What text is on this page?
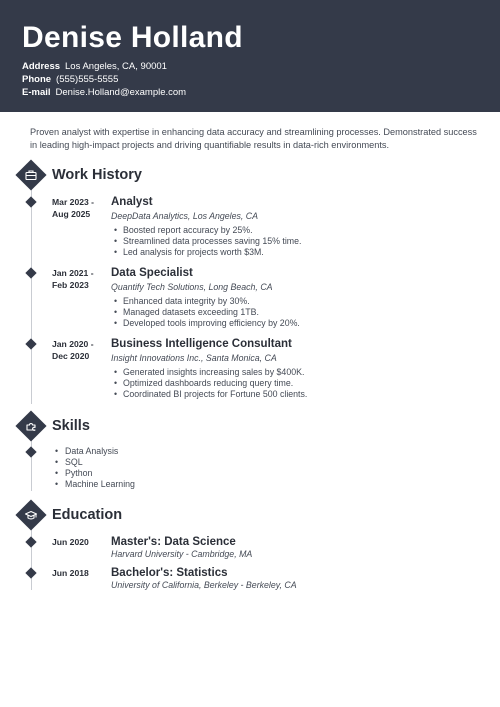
Denise Holland
Address Los Angeles, CA, 90001
Phone (555)555-5555
E-mail Denise.Holland@example.com

Proven analyst with expertise in enhancing data accuracy and streamlining processes. Demonstrated success in leading high-impact projects and driving quantifiable results in data-rich environments.

Work History
Mar 2023 -
Aug 2025
Analyst
DeepData Analytics, Los Angeles, CA
• Boosted report accuracy by 25%.
• Streamlined data processes saving 15% time.
• Led analysis for projects worth $3M.
Jan 2021 -
Feb 2023
Data Specialist
Quantify Tech Solutions, Long Beach, CA
• Enhanced data integrity by 30%.
• Managed datasets exceeding 1TB.
• Developed tools improving efficiency by 20%.
Jan 2020 -
Dec 2020
Business Intelligence Consultant
Insight Innovations Inc., Santa Monica, CA
• Generated insights increasing sales by $400K.
• Optimized dashboards reducing query time.
• Coordinated BI projects for Fortune 500 clients.
Skills
• Data Analysis
• SQL
• Python
• Machine Learning
Education
Jun 2020	Master's: Data Science
Harvard University - Cambridge, MA
Jun 2018	Bachelor's: Statistics
University of California, Berkeley - Berkeley, CA
